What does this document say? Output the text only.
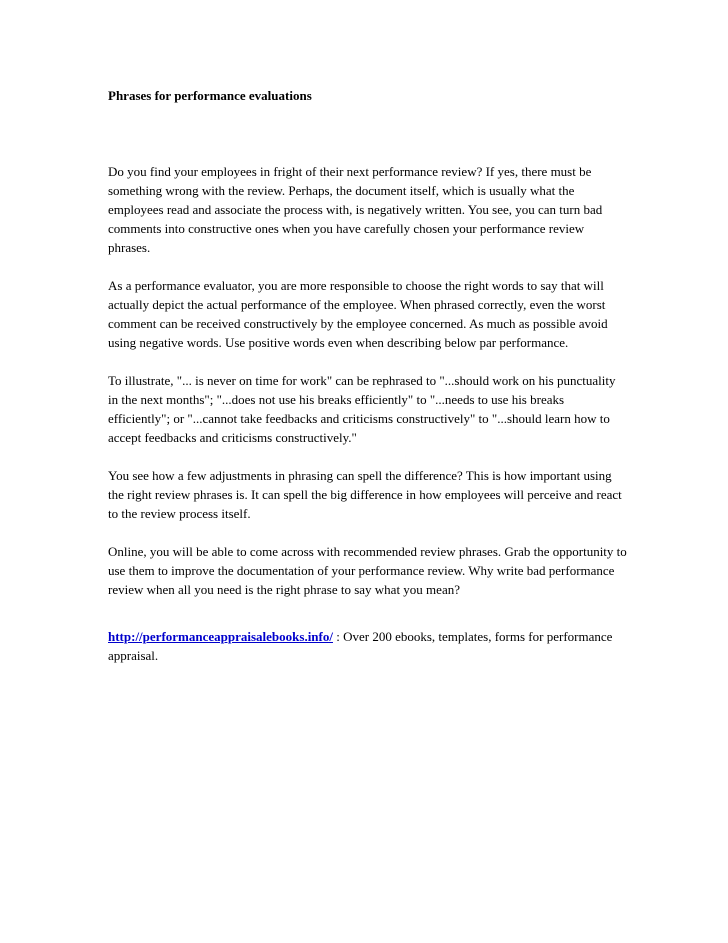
Phrases for performance evaluations

Do you find your employees in fright of their next performance review? If yes, there must be something wrong with the review. Perhaps, the document itself, which is usually what the employees read and associate the process with, is negatively written. You see, you can turn bad comments into constructive ones when you have carefully chosen your performance review phrases.

As a performance evaluator, you are more responsible to choose the right words to say that will actually depict the actual performance of the employee. When phrased correctly, even the worst comment can be received constructively by the employee concerned. As much as possible avoid using negative words. Use positive words even when describing below par performance.

To illustrate, "... is never on time for work" can be rephrased to "...should work on his punctuality in the next months"; "...does not use his breaks efficiently" to "...needs to use his breaks efficiently"; or "...cannot take feedbacks and criticisms constructively" to "...should learn how to accept feedbacks and criticisms constructively."

You see how a few adjustments in phrasing can spell the difference? This is how important using the right review phrases is. It can spell the big difference in how employees will perceive and react to the review process itself.

Online, you will be able to come across with recommended review phrases. Grab the opportunity to use them to improve the documentation of your performance review. Why write bad performance review when all you need is the right phrase to say what you mean?

http://performanceappraisalebooks.info/ : Over 200 ebooks, templates, forms for performance appraisal.
